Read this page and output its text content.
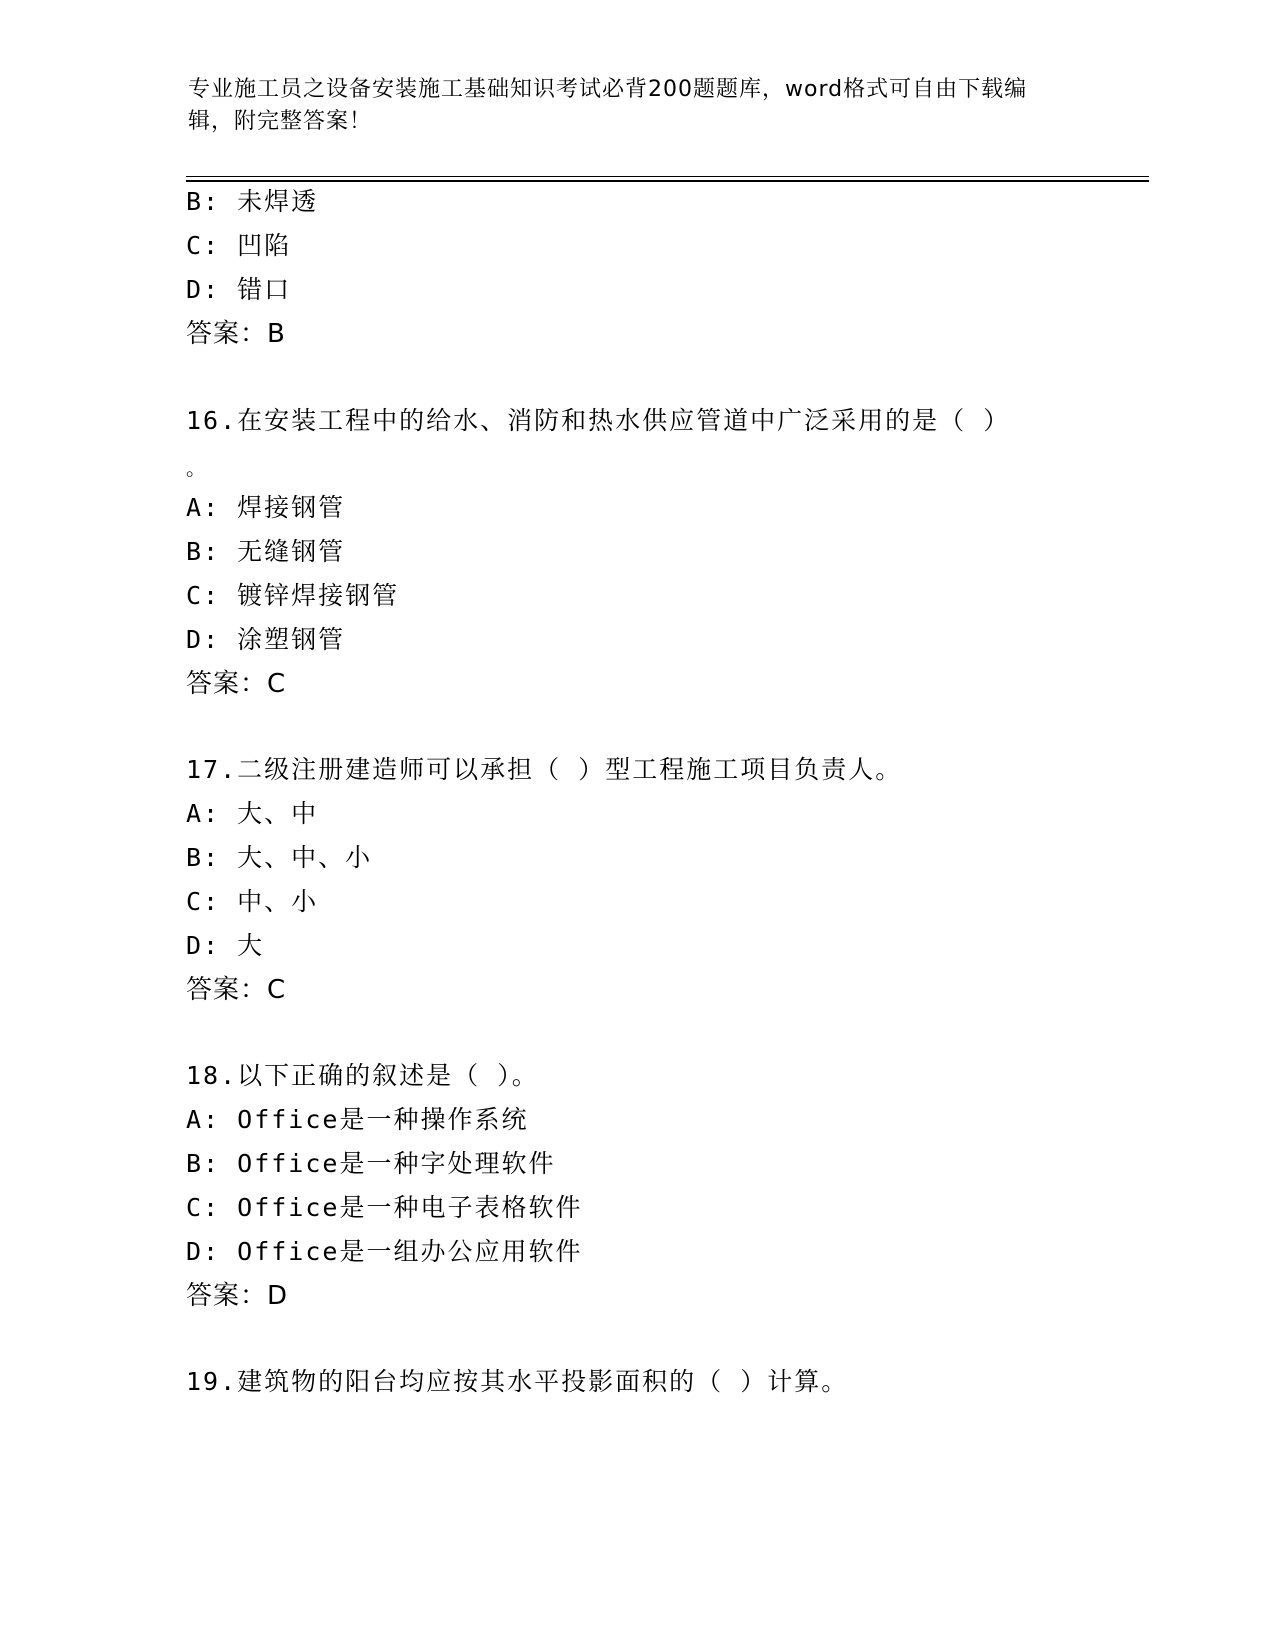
专业施工员之设备安装施工基础知识考试必背200题题库，word格式可自由下载编辑，附完整答案！
B: 未焊透
C: 凹陷
D: 错口
答案：B
16.在安装工程中的给水、消防和热水供应管道中广泛采用的是（ ）
。
A: 焊接钢管
B: 无缝钢管
C: 镀锌焊接钢管
D: 涂塑钢管
答案：C
17.二级注册建造师可以承担（ ）型工程施工项目负责人。
A: 大、中
B: 大、中、小
C: 中、小
D: 大
答案：C
18.以下正确的叙述是（ ）。
A: Office是一种操作系统
B: Office是一种字处理软件
C: Office是一种电子表格软件
D: Office是一组办公应用软件
答案：D
19.建筑物的阳台均应按其水平投影面积的（ ）计算。
